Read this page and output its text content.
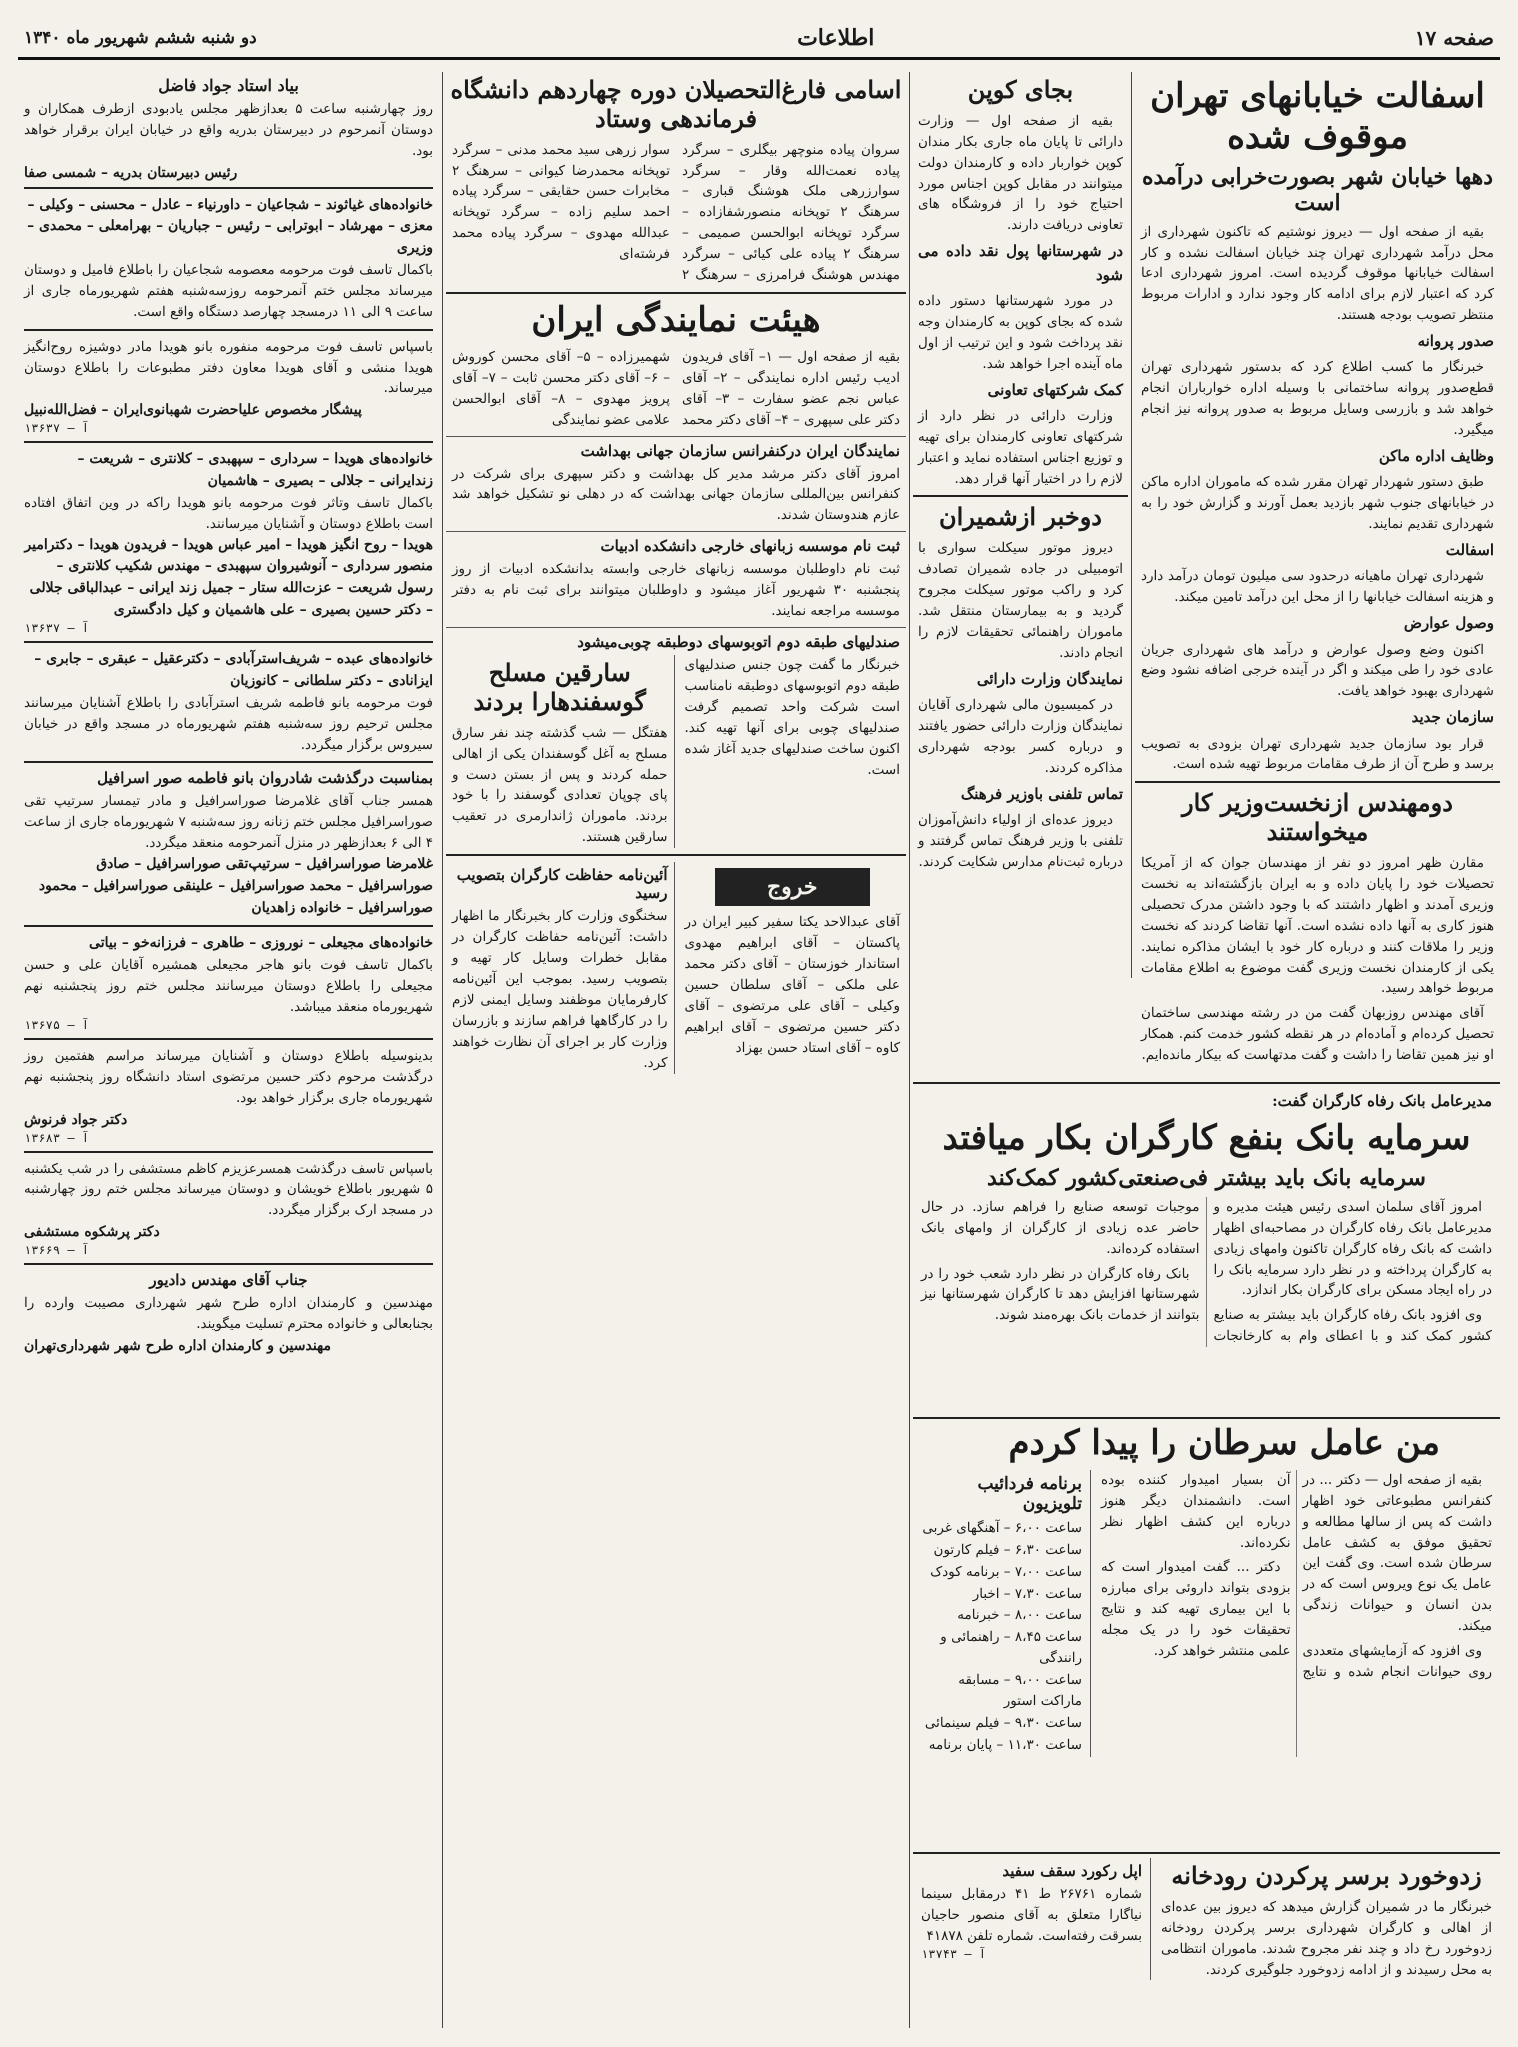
صفحه ۱۷
اطلاعات
دو شنبه ششم شهریور ماه ۱۳۴۰
اسفالت خیابانهای تهران موقوف شده
دهها خیابان شهر بصورت‌خرابی درآمده است

بقیه از صفحه اول — دیروز نوشتیم که تاکنون شهرداری از محل درآمد شهرداری تهران چند خیابان اسفالت نشده و کار اسفالت خیابانها موقوف گردیده است. امروز شهرداری ادعا کرد که اعتبار لازم برای ادامه کار وجود ندارد و ادارات مربوط منتظر تصویب بودجه هستند.

صدور پروانه

خبرنگار ما کسب اطلاع کرد که بدستور شهرداری تهران قطع‌صدور پروانه ساختمانی با وسیله اداره خوارباران انجام خواهد شد و بازرسی وسایل مربوط به صدور پروانه نیز انجام میگیرد.

وظایف اداره ماکن

طبق دستور شهردار تهران مقرر شده که ماموران اداره ماکن در خیابانهای جنوب شهر بازدید بعمل آورند و گزارش خود را به شهرداری تقدیم نمایند.

اسفالت

شهرداری تهران ماهیانه درحدود سی میلیون تومان درآمد دارد و هزینه اسفالت خیابانها را از محل این درآمد تامین میکند.

وصول عوارض

اکنون وضع وصول عوارض و درآمد های شهرداری جریان عادی خود را طی میکند و اگر در آینده خرجی اضافه نشود وضع شهرداری بهبود خواهد یافت.

سازمان جدید

قرار بود سازمان جدید شهرداری تهران بزودی به تصویب برسد و طرح آن از طرف مقامات مربوط تهیه شده است.

دومهندس ازنخست‌وزیر کار میخواستند

مقارن ظهر امروز دو نفر از مهندسان جوان که از آمریکا تحصیلات خود را پایان داده و به ایران بازگشته‌اند به نخست وزیری آمدند و اظهار داشتند که با وجود داشتن مدرک تحصیلی هنوز کاری به آنها داده نشده است. آنها تقاضا کردند که نخست وزیر را ملاقات کنند و درباره کار خود با ایشان مذاکره نمایند. یکی از کارمندان نخست وزیری گفت موضوع به اطلاع مقامات مربوط خواهد رسید.

آقای مهندس روزبهان گفت من در رشته مهندسی ساختمان تحصیل کرده‌ام و آماده‌ام در هر نقطه کشور خدمت کنم. همکار او نیز همین تقاضا را داشت و گفت مدتهاست که بیکار مانده‌ایم.

بجای کوپن

بقیه از صفحه اول — وزارت دارائی تا پایان ماه جاری بکار مندان کوپن خواربار داده و کارمندان دولت میتوانند در مقابل کوپن اجناس مورد احتیاج خود را از فروشگاه های تعاونی دریافت دارند.

در شهرستانها پول نقد داده می شود

در مورد شهرستانها دستور داده شده که بجای کوپن به کارمندان وجه نقد پرداخت شود و این ترتیب از اول ماه آینده اجرا خواهد شد.

کمک شرکتهای تعاونی

وزارت دارائی در نظر دارد از شرکتهای تعاونی کارمندان برای تهیه و توزیع اجناس استفاده نماید و اعتبار لازم را در اختیار آنها قرار دهد.

دوخبر ازشمیران

دیروز موتور سیکلت سواری با اتومبیلی در جاده شمیران تصادف کرد و راکب موتور سیکلت مجروح گردید و به بیمارستان منتقل شد. ماموران راهنمائی تحقیقات لازم را انجام دادند.

نمایندگان وزارت دارائی

در کمیسیون مالی شهرداری آقایان نمایندگان وزارت دارائی حضور یافتند و درباره کسر بودجه شهرداری مذاکره کردند.

تماس تلفنی باوزیر فرهنگ

دیروز عده‌ای از اولیاء دانش‌آموزان تلفنی با وزیر فرهنگ تماس گرفتند و درباره ثبت‌نام مدارس شکایت کردند.

مدیرعامل بانک رفاه کارگران گفت:
سرمایه بانک بنفع کارگران بکار میافتد
سرمایه بانک باید بیشتر فی‌صنعتی‌کشور کمک‌کند

امروز آقای سلمان اسدی رئیس هیئت مدیره و مدیرعامل بانک رفاه کارگران در مصاحبه‌ای اظهار داشت که بانک رفاه کارگران تاکنون وامهای زیادی به کارگران پرداخته و در نظر دارد سرمایه بانک را در راه ایجاد مسکن برای کارگران بکار اندازد.

وی افزود بانک رفاه کارگران باید بیشتر به صنایع کشور کمک کند و با اعطای وام به کارخانجات موجبات توسعه صنایع را فراهم سازد. در حال حاضر عده زیادی از کارگران از وامهای بانک استفاده کرده‌اند.

بانک رفاه کارگران در نظر دارد شعب خود را در شهرستانها افزایش دهد تا کارگران شهرستانها نیز بتوانند از خدمات بانک بهره‌مند شوند.

من عامل سرطان را پیدا کردم

بقیه از صفحه اول — دکتر ... در کنفرانس مطبوعاتی خود اظهار داشت که پس از سالها مطالعه و تحقیق موفق به کشف عامل سرطان شده است. وی گفت این عامل یک نوع ویروس است که در بدن انسان و حیوانات زندگی میکند.

وی افزود که آزمایشهای متعددی روی حیوانات انجام شده و نتایج آن بسیار امیدوار کننده بوده است. دانشمندان دیگر هنوز درباره این کشف اظهار نظر نکرده‌اند.

دکتر ... گفت امیدوار است که بزودی بتواند داروئی برای مبارزه با این بیماری تهیه کند و نتایج تحقیقات خود را در یک مجله علمی منتشر خواهد کرد.

برنامه فردائیب تلویزیون
ساعت ۶،۰۰ – آهنگهای غربی
ساعت ۶،۳۰ – فیلم کارتون
ساعت ۷،۰۰ – برنامه کودک
ساعت ۷،۳۰ – اخبار
ساعت ۸،۰۰ – خبرنامه
ساعت ۸،۴۵ – راهنمائی و رانندگی
ساعت ۹،۰۰ – مسابقه ماراکت استور
ساعت ۹،۳۰ – فیلم سینمائی
ساعت ۱۱،۳۰ – پایان برنامه
زدوخورد برسر پرکردن رودخانه
خبرنگار ما در شمیران گزارش میدهد که دیروز بین عده‌ای از اهالی و کارگران شهرداری برسر پرکردن رودخانه زدوخورد رخ داد و چند نفر مجروح شدند. ماموران انتظامی به محل رسیدند و از ادامه زدوخورد جلوگیری کردند.
اپل رکورد سقف سفید
شماره ۲۶۷۶۱ ط ۴۱ درمقابل سینما نیاگارا متعلق به آقای منصور حاجیان بسرقت رفته‌است. شماره تلفن ۴۱۸۷۸
آ – ۱۳۷۴۳
اسامی فارغ‌التحصیلان دوره چهاردهم دانشگاه فرماندهی وستاد
سروان پیاده منوچهر بیگلری – سرگرد پیاده نعمت‌الله وقار – سرگرد سوارزرهی ملک هوشنگ قباری – سرهنگ ۲ توپخانه منصورشفازاده – سرگرد توپخانه ابوالحسن صمیمی – سرهنگ ۲ پیاده علی کیائی – سرگرد مهندس هوشنگ فرامرزی – سرهنگ ۲ سوار زرهی سید محمد مدنی – سرگرد توپخانه محمدرضا کیوانی – سرهنگ ۲ مخابرات حسن حقایقی – سرگرد پیاده احمد سلیم زاده – سرگرد توپخانه عبدالله مهدوی – سرگرد پیاده محمد فرشته‌ای
هیئت نمایندگی ایران
بقیه از صفحه اول — ۱– آقای فریدون ادیب رئیس اداره نمایندگی – ۲– آقای عباس نجم عضو سفارت – ۳– آقای دکتر علی سپهری – ۴– آقای دکتر محمد شهمیرزاده – ۵– آقای محسن کوروش – ۶– آقای دکتر محسن ثابت – ۷– آقای پرویز مهدوی – ۸– آقای ابوالحسن علامی عضو نمایندگی
نمایندگان ایران درکنفرانس سازمان جهانی بهداشت
امروز آقای دکتر مرشد مدیر کل بهداشت و دکتر سپهری برای شرکت در کنفرانس بین‌المللی سازمان جهانی بهداشت که در دهلی نو تشکیل خواهد شد عازم هندوستان شدند.
ثبت نام موسسه زبانهای خارجی دانشکده ادبیات
ثبت نام داوطلبان موسسه زبانهای خارجی وابسته بدانشکده ادبیات از روز پنجشنبه ۳۰ شهریور آغاز میشود و داوطلبان میتوانند برای ثبت نام به دفتر موسسه مراجعه نمایند.
صندلیهای طبقه دوم اتوبوسهای دوطبقه چوبی‌میشود
خبرنگار ما گفت چون جنس صندلیهای طبقه دوم اتوبوسهای دوطبقه نامناسب است شرکت واحد تصمیم گرفت صندلیهای چوبی برای آنها تهیه کند. اکنون ساخت صندلیهای جدید آغاز شده است.
سارقین مسلح گوسفندهارا بردند
هفتگل — شب گذشته چند نفر سارق مسلح به آغل گوسفندان یکی از اهالی حمله کردند و پس از بستن دست و پای چوپان تعدادی گوسفند را با خود بردند. ماموران ژاندارمری در تعقیب سارقین هستند.
خروج
آقای عبدالاحد یکتا سفیر کبیر ایران در پاکستان – آقای ابراهیم مهدوی استاندار خوزستان – آقای دکتر محمد علی ملکی – آقای سلطان حسین وکیلی – آقای علی مرتضوی – آقای دکتر حسین مرتضوی – آقای ابراهیم کاوه – آقای استاد حسن بهزاد
آئین‌نامه حفاظت کارگران بتصویب رسید
سخنگوی وزارت کار بخبرنگار ما اظهار داشت: آئین‌نامه حفاظت کارگران در مقابل خطرات وسایل کار تهیه و بتصویب رسید. بموجب این آئین‌نامه کارفرمایان موظفند وسایل ایمنی لازم را در کارگاهها فراهم سازند و بازرسان وزارت کار بر اجرای آن نظارت خواهند کرد.
بیاد استاد جواد فاضل
روز چهارشنبه ساعت ۵ بعدازظهر مجلس یادبودی ازطرف همکاران و دوستان آنمرحوم در دبیرستان بدریه واقع در خیابان ایران برقرار خواهد بود.
رئیس دبیرستان بدریه – شمسی صفا
خانواده‌های غیاثوند – شجاعیان – داورنیاء – عادل – محسنی – وکیلی – معزی – مهرشاد – ابوترابی – رئیس – جباریان – بهرامعلی – محمدی – وزیری
باکمال تاسف فوت مرحومه معصومه شجاعیان را باطلاع فامیل و دوستان میرساند مجلس ختم آنمرحومه روزسه‌شنبه هفتم شهریورماه جاری از ساعت ۹ الی ۱۱ درمسجد چهارصد دستگاه واقع است.
باسپاس تاسف فوت مرحومه منفوره بانو هویدا مادر دوشیزه روح‌انگیز هویدا منشی و آقای هویدا معاون دفتر مطبوعات را باطلاع دوستان میرساند.
پیشگار مخصوص علیاحضرت شهبانوی‌ایران – فضل‌الله‌نبیل
آ – ۱۳۶۳۷
خانواده‌های هویدا – سرداری – سپهبدی – کلانتری – شریعت – زندایرانی – جلالی – بصیری – هاشمیان
باکمال تاسف وتاثر فوت مرحومه بانو هویدا راکه در وین اتفاق افتاده است باطلاع دوستان و آشنایان میرسانند.
هویدا – روح انگیز هویدا – امیر عباس هویدا – فریدون هویدا – دکترامیر منصور سرداری – آنوشیروان سپهبدی – مهندس شکیب کلانتری – رسول شریعت – عزت‌الله ستار – جمیل زند ایرانی – عبدالباقی جلالی – دکتر حسین بصیری – علی هاشمیان و کیل دادگستری
آ – ۱۳۶۳۷
خانواده‌های عبده – شریف‌استرآبادی – دکترعقیل – عبقری – جابری – ایزانادی – دکتر سلطانی – کانوزیان
فوت مرحومه بانو فاطمه شریف استرآبادی را باطلاع آشنایان میرسانند مجلس ترحیم روز سه‌شنبه هفتم شهریورماه در مسجد واقع در خیابان سیروس برگزار میگردد.
بمناسبت درگذشت شادروان بانو فاطمه صور اسرافیل
همسر جناب آقای غلامرضا صوراسرافیل و مادر تیمسار سرتیپ تقی صوراسرافیل مجلس ختم زنانه روز سه‌شنبه ۷ شهریورماه جاری از ساعت ۴ الی ۶ بعدازظهر در منزل آنمرحومه منعقد میگردد.
غلامرضا صوراسرافیل – سرتیپ‌تقی صوراسرافیل – صادق صوراسرافیل – محمد صوراسرافیل – علینقی صوراسرافیل – محمود صوراسرافیل – خانواده زاهدیان
خانواده‌های مجیعلی – نوروزی – طاهری – فرزانه‌خو – بیاتی
باکمال تاسف فوت بانو هاجر مجیعلی همشیره آقایان علی و حسن مجیعلی را باطلاع دوستان میرسانند مجلس ختم روز پنجشنبه نهم شهریورماه منعقد میباشد.
آ – ۱۳۶۷۵
بدینوسیله باطلاع دوستان و آشنایان میرساند مراسم هفتمین روز درگذشت مرحوم دکتر حسین مرتضوی استاد دانشگاه روز پنجشنبه نهم شهریورماه جاری برگزار خواهد بود.
دکتر جواد فرنوش
آ – ۱۳۶۸۳
باسپاس تاسف درگذشت همسرعزیزم کاظم مستشفی را در شب یکشنبه ۵ شهریور باطلاع خویشان و دوستان میرساند مجلس ختم روز چهارشنبه در مسجد ارک برگزار میگردد.
دکتر پرشکوه مستشفی
آ – ۱۳۶۶۹
جناب آقای مهندس دادیور
مهندسین و کارمندان اداره طرح شهر شهرداری مصیبت وارده را بجنابعالی و خانواده محترم تسلیت میگویند.
مهندسین و کارمندان اداره طرح شهر شهرداری‌تهران
